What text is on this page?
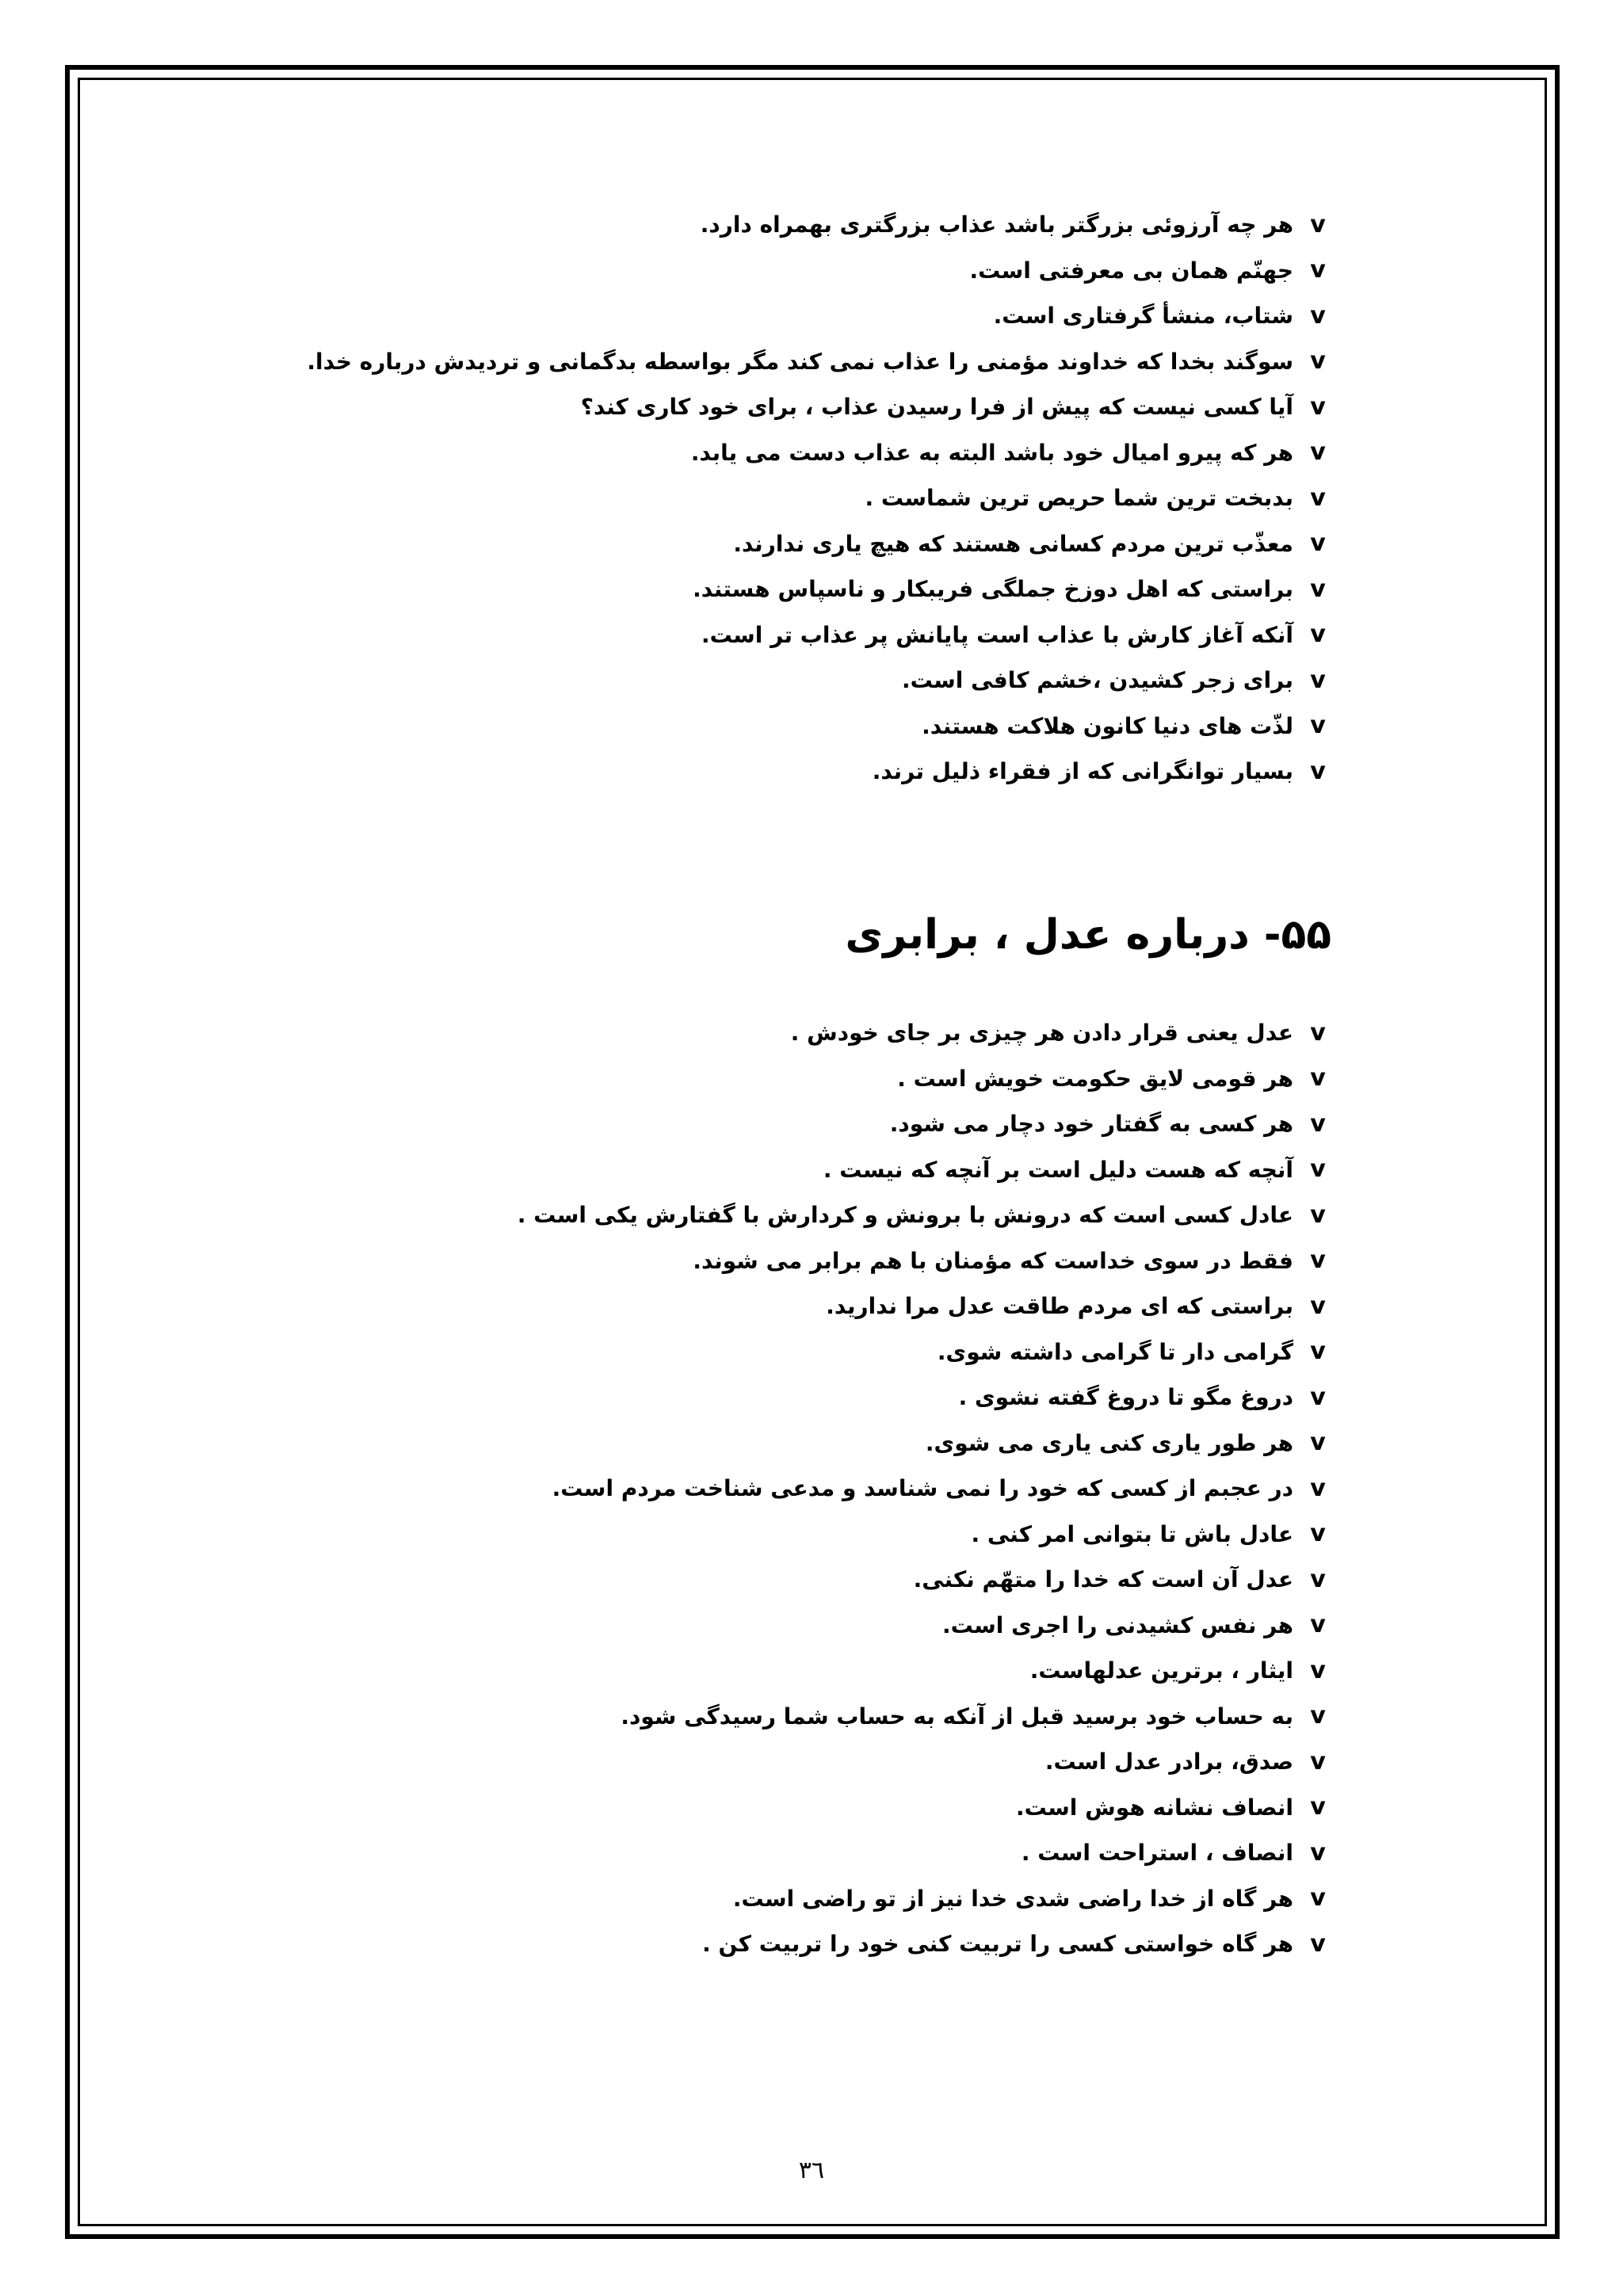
v
هر چه آرزوئی بزرگتر باشد عذاب بزرگتری بهمراه دارد.
v
جهنّم همان بی معرفتی است.
v
شتاب، منشأ گرفتاری است.
v
سوگند بخدا که خداوند مؤمنی را عذاب نمی کند مگر بواسطه بدگمانی و تردیدش درباره خدا.
v
آیا کسی نیست که پیش از فرا رسیدن عذاب ، برای خود کاری کند؟
v
هر که پیرو امیال خود باشد البته به عذاب دست می یابد.
v
بدبخت ترین شما حریص ترین شماست .
v
معذّب ترین مردم کسانی هستند که هیچ یاری ندارند.
v
براستی که اهل دوزخ جملگی فریبکار و ناسپاس هستند.
v
آنکه آغاز کارش با عذاب است پایانش پر عذاب تر است.
v
برای زجر کشیدن ،خشم کافی است.
v
لذّت های دنیا کانون هلاکت هستند.
v
بسیار توانگرانی که از فقراء ذلیل ترند.
۵۵- درباره عدل ، برابری
v
عدل یعنی قرار دادن هر چیزی بر جای خودش .
v
هر قومی لایق حکومت خویش است .
v
هر کسی به گفتار خود دچار می شود.
v
آنچه که هست دلیل است بر آنچه که نیست .
v
عادل کسی است که درونش با برونش و کردارش با گفتارش یکی است .
v
فقط در سوی خداست که مؤمنان با هم برابر می شوند.
v
براستی که ای مردم طاقت عدل مرا ندارید.
v
گرامی دار تا گرامی داشته شوی.
v
دروغ مگو تا دروغ گفته نشوی .
v
هر طور یاری کنی یاری می شوی.
v
در عجبم از کسی که خود را نمی شناسد و مدعی شناخت مردم است.
v
عادل باش تا بتوانی امر کنی .
v
عدل آن است که خدا را متهّم نکنی.
v
هر نفس کشیدنی را اجری است.
v
ایثار ، برترین عدلهاست.
v
به حساب خود برسید قبل از آنکه به حساب شما رسیدگی شود.
v
صدق، برادر عدل است.
v
انصاف نشانه هوش است.
v
انصاف ، استراحت است .
v
هر گاه از خدا راضی شدی خدا نیز از تو راضی است.
v
هر گاه خواستی کسی را تربیت کنی خود را تربیت کن .
٣٦
